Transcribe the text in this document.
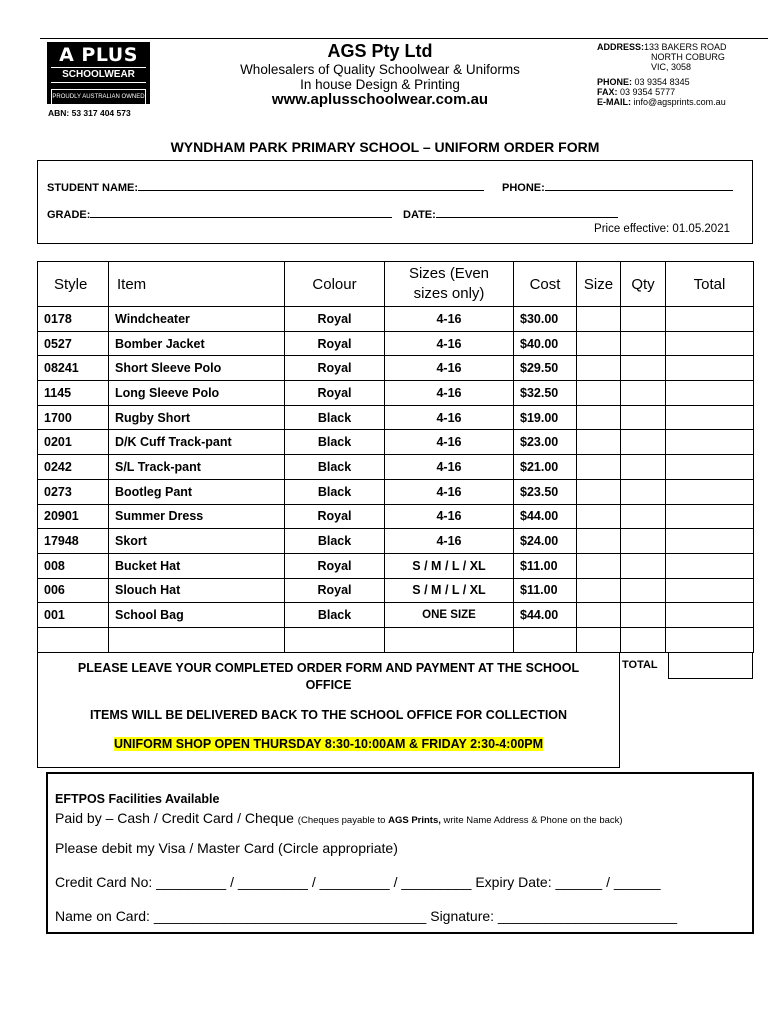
A PLUS
SCHOOLWEAR
PROUDLY AUSTRALIAN OWNED
ABN: 53 317 404 573
AGS Pty Ltd
Wholesalers of Quality Schoolwear & Uniforms
In house Design & Printing
www.aplusschoolwear.com.au
ADDRESS:133 BAKERS ROAD
NORTH COBURG
VIC, 3058
PHONE: 03 9354 8345
FAX: 03 9354 5777
E-MAIL: info@agsprints.com.au
WYNDHAM PARK PRIMARY SCHOOL – UNIFORM ORDER FORM
STUDENT NAME:	PHONE:
GRADE:	DATE:
Price effective: 01.05.2021
Style	Item	Colour	Sizes (Even
sizes only)	Cost	Size	Qty	Total
0178	Windcheater	Royal	4-16	$30.00			
0527	Bomber Jacket	Royal	4-16	$40.00			
08241	Short Sleeve Polo	Royal	4-16	$29.50			
1145	Long Sleeve Polo	Royal	4-16	$32.50			
1700	Rugby Short	Black	4-16	$19.00			
0201	D/K Cuff Track-pant	Black	4-16	$23.00			
0242	S/L Track-pant	Black	4-16	$21.00			
0273	Bootleg Pant	Black	4-16	$23.50			
20901	Summer Dress	Royal	4-16	$44.00			
17948	Skort	Black	4-16	$24.00			
008	Bucket Hat	Royal	S / M / L / XL	$11.00			
006	Slouch Hat	Royal	S / M / L / XL	$11.00			
001	School Bag	Black	ONE SIZE	$44.00			

PLEASE LEAVE YOUR COMPLETED ORDER FORM AND PAYMENT AT THE SCHOOL OFFICE
ITEMS WILL BE DELIVERED BACK TO THE SCHOOL OFFICE FOR COLLECTION
UNIFORM SHOP OPEN THURSDAY 8:30-10:00AM & FRIDAY 2:30-4:00PM
TOTAL
EFTPOS Facilities Available
Paid by – Cash / Credit Card / Cheque (Cheques payable to AGS Prints, write Name Address & Phone on the back)
Please debit my Visa / Master Card (Circle appropriate)
Credit Card No: _________ / _________ / _________ / _________ Expiry Date: ______ / ______
Name on Card: ___________________________________ Signature: _______________________
